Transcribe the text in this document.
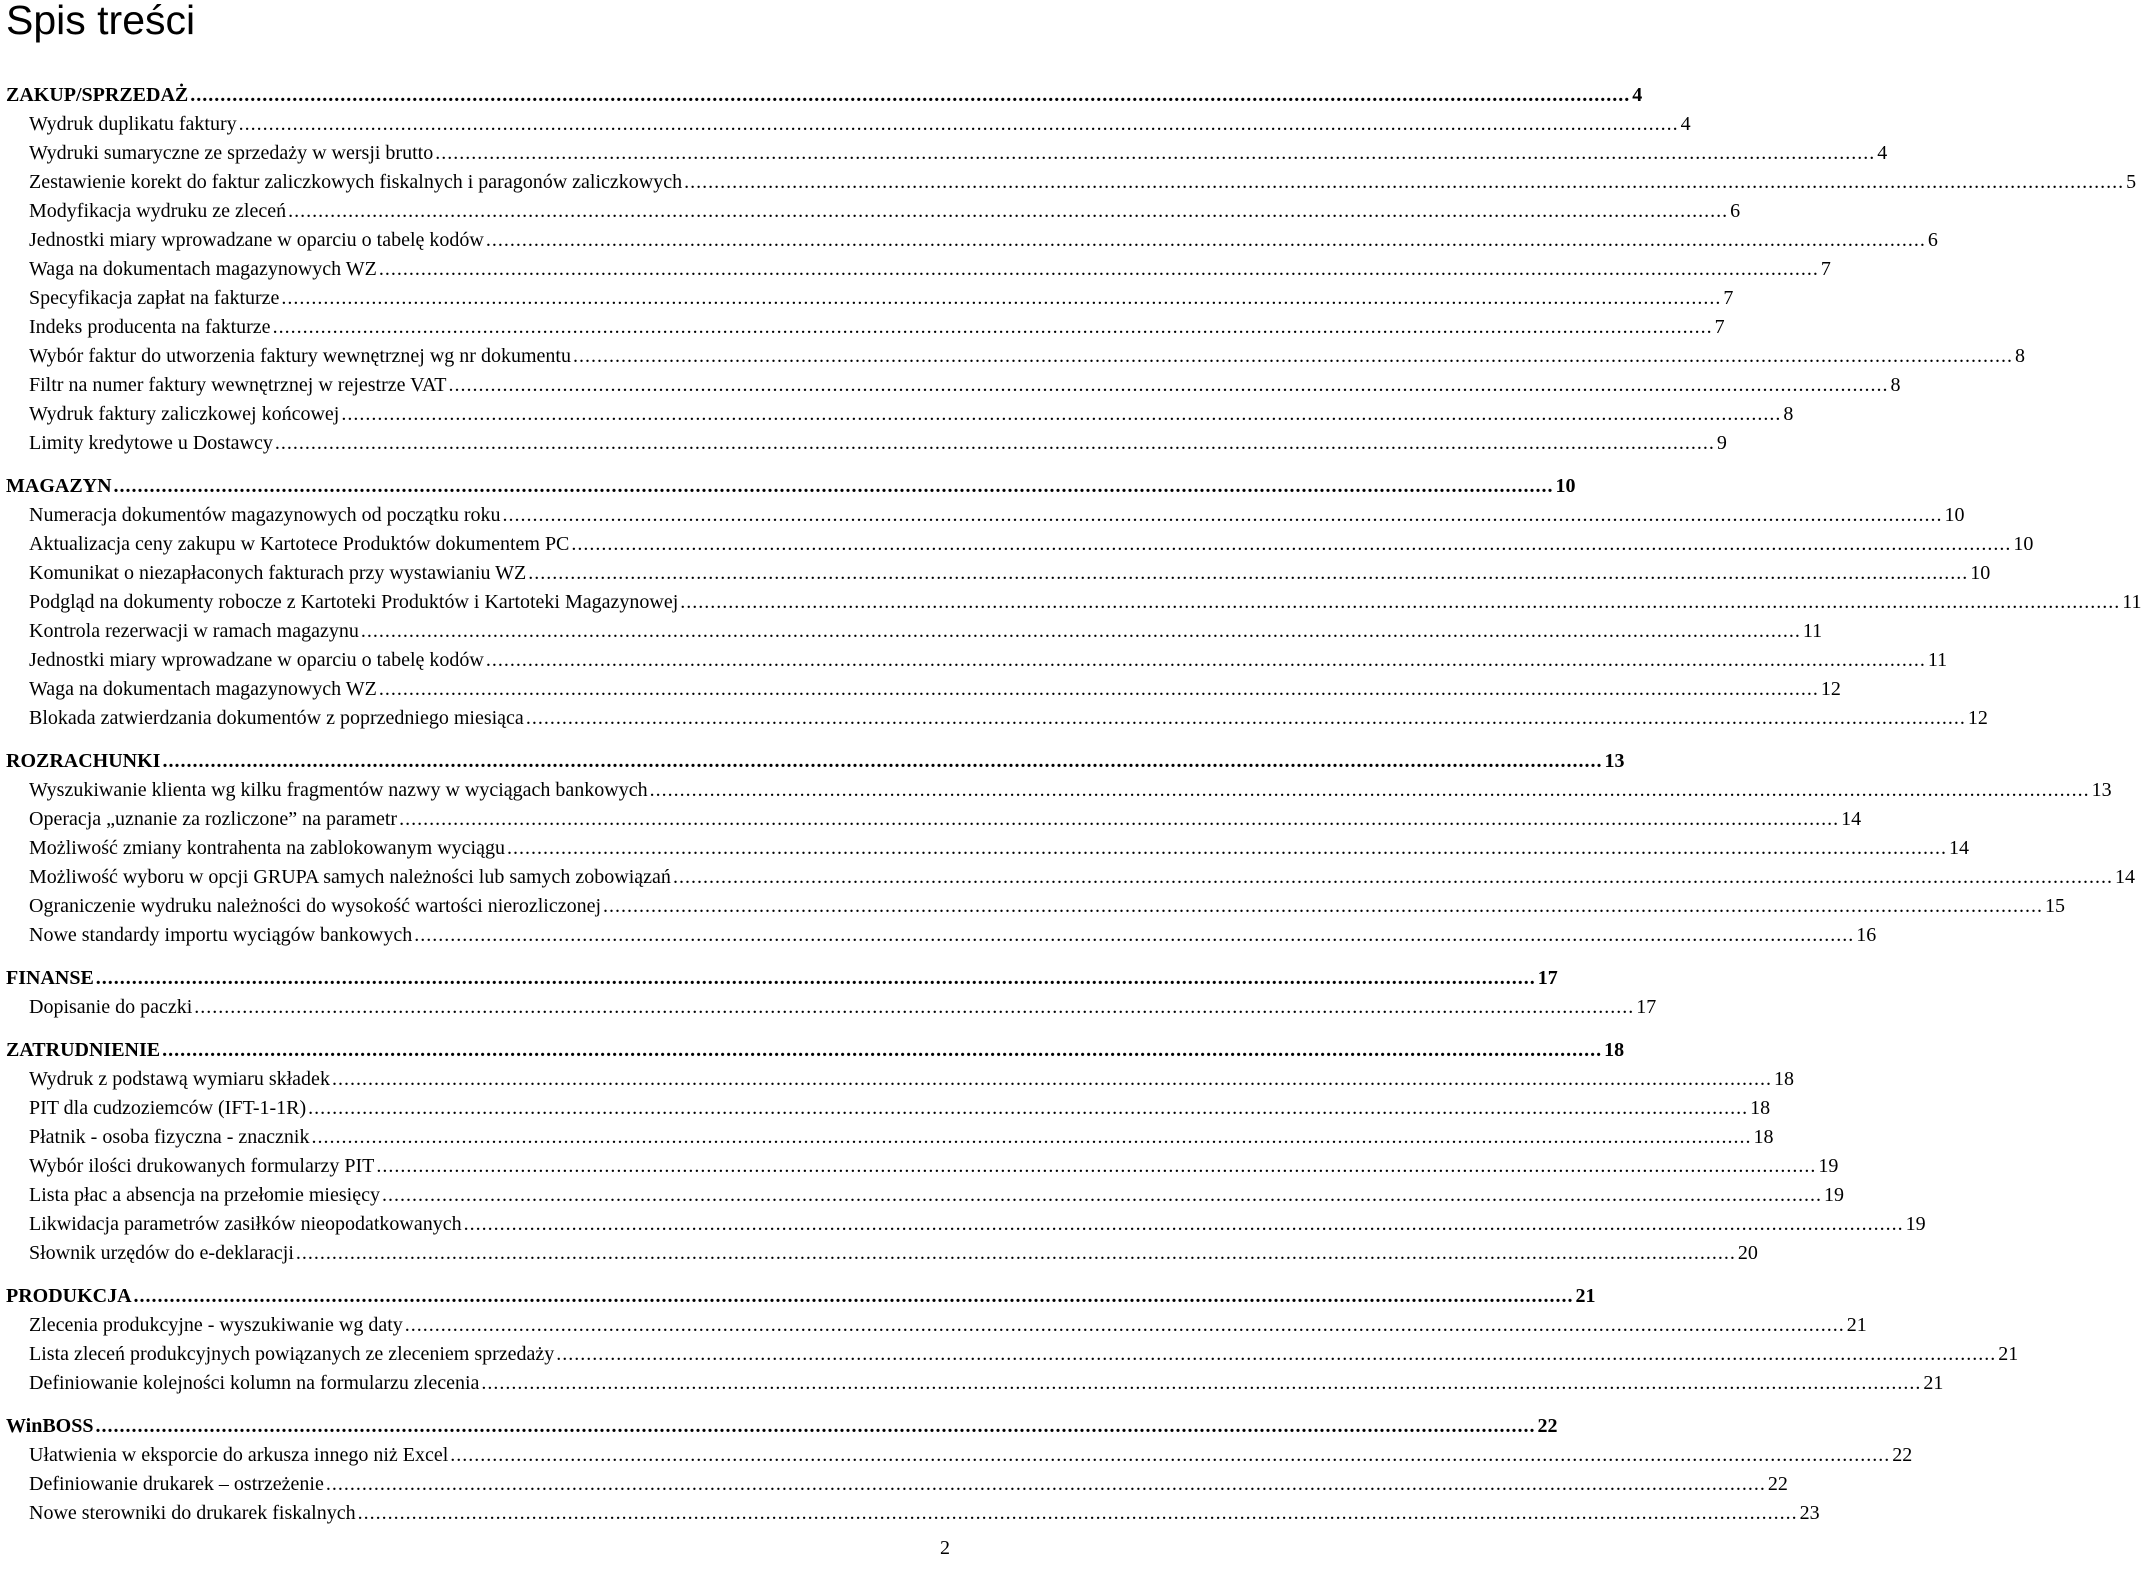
Spis treści
ZAKUP/SPRZEDAŻ .....	4
Wydruk duplikatu faktury .....	4
Wydruki sumaryczne ze sprzedaży w wersji brutto .....	4
Zestawienie korekt do faktur zaliczkowych fiskalnych i paragonów zaliczkowych .....	5
Modyfikacja wydruku ze zleceń .....	6
Jednostki miary wprowadzane w oparciu o tabelę kodów .....	6
Waga na dokumentach magazynowych WZ .....	7
Specyfikacja zapłat na fakturze .....	7
Indeks producenta na fakturze .....	7
Wybór faktur do utworzenia faktury wewnętrznej wg nr dokumentu .....	8
Filtr na numer faktury wewnętrznej w rejestrze VAT .....	8
Wydruk faktury zaliczkowej końcowej .....	8
Limity kredytowe u Dostawcy .....	9
MAGAZYN .....	10
Numeracja dokumentów magazynowych od początku roku .....	10
Aktualizacja ceny zakupu w Kartotece Produktów dokumentem PC .....	10
Komunikat o niezapłaconych fakturach przy wystawianiu WZ .....	10
Podgląd na dokumenty robocze z Kartoteki Produktów i Kartoteki Magazynowej .....	11
Kontrola rezerwacji w ramach magazynu .....	11
Jednostki miary wprowadzane w oparciu o tabelę kodów .....	11
Waga na dokumentach magazynowych WZ .....	12
Blokada zatwierdzania dokumentów z poprzedniego miesiąca .....	12
ROZRACHUNKI .....	13
Wyszukiwanie klienta wg kilku fragmentów nazwy w wyciągach bankowych .....	13
Operacja „uznanie za rozliczone” na parametr .....	14
Możliwość zmiany kontrahenta na zablokowanym wyciągu .....	14
Możliwość wyboru w opcji GRUPA samych należności lub samych zobowiązań .....	14
Ograniczenie wydruku należności do wysokość wartości nierozliczonej .....	15
Nowe standardy importu wyciągów bankowych .....	16
FINANSE .....	17
Dopisanie do paczki .....	17
ZATRUDNIENIE .....	18
Wydruk z podstawą wymiaru składek .....	18
PIT dla cudzoziemców (IFT-1-1R) .....	18
Płatnik - osoba fizyczna - znacznik .....	18
Wybór ilości drukowanych formularzy PIT .....	19
Lista płac a absencja na przełomie miesięcy .....	19
Likwidacja parametrów zasiłków nieopodatkowanych .....	19
Słownik urzędów do e-deklaracji .....	20
PRODUKCJA .....	21
Zlecenia produkcyjne - wyszukiwanie wg daty .....	21
Lista zleceń produkcyjnych powiązanych ze zleceniem sprzedaży .....	21
Definiowanie kolejności kolumn na formularzu zlecenia .....	21
WinBOSS .....	22
Ułatwienia w eksporcie do arkusza innego niż Excel .....	22
Definiowanie drukarek – ostrzeżenie .....	22
Nowe sterowniki do drukarek fiskalnych .....	23
2
